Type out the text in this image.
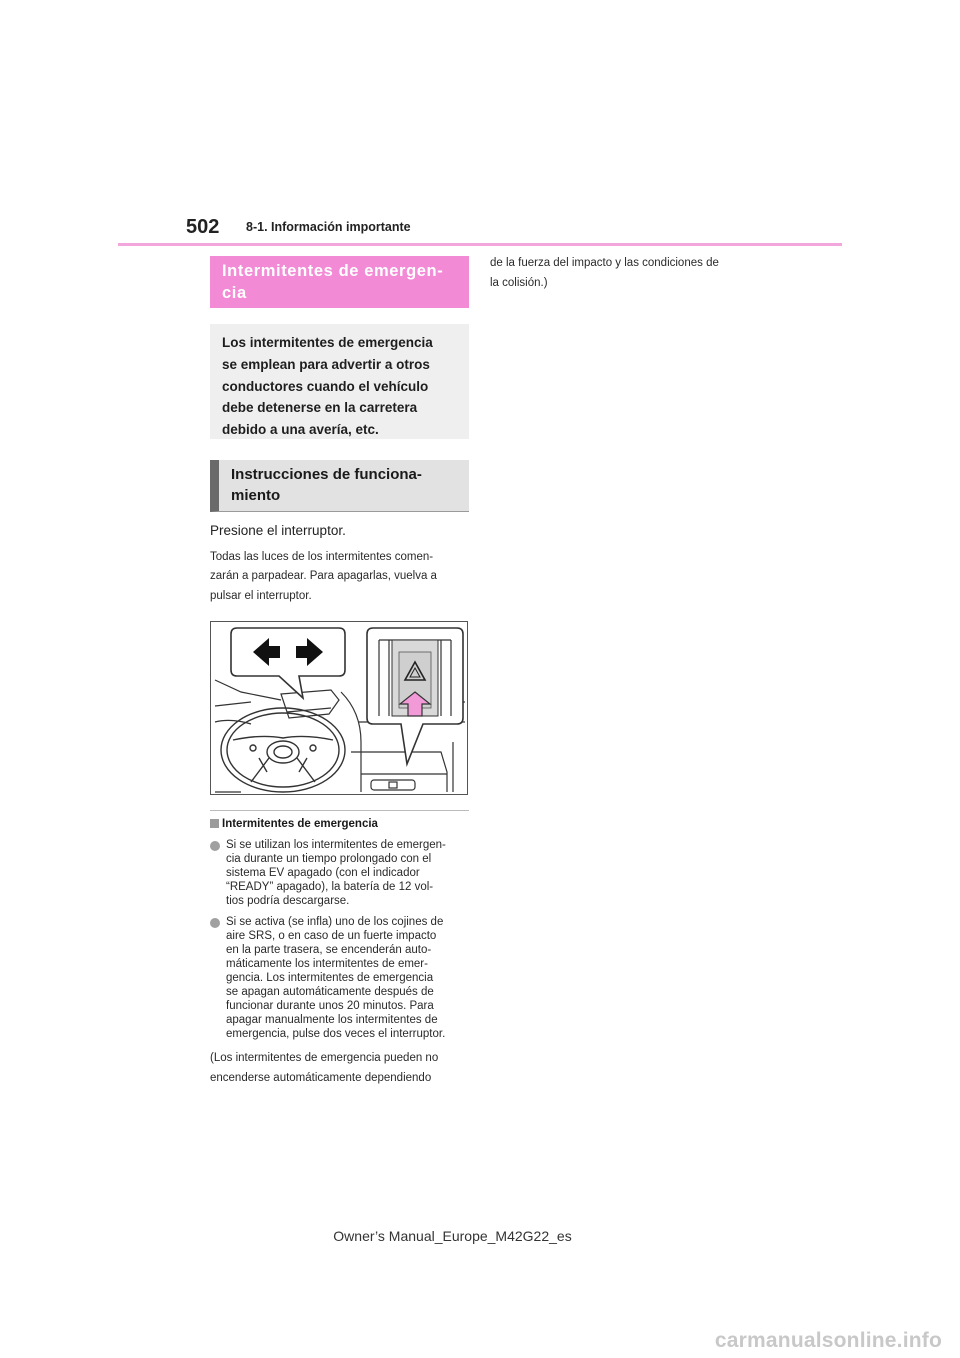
502 8-1. Información importante
Intermitentes de emergen-
cia

Los intermitentes de emergencia

se emplean para advertir a otros

conductores cuando el vehículo

debe detenerse en la carretera

debido a una avería, etc.

Instrucciones de funciona-
miento
Presione el interruptor.
Todas las luces de los intermitentes comen-
zarán a parpadear. Para apagarlas, vuelva a
pulsar el interruptor.
Intermitentes de emergencia
Si se utilizan los intermitentes de emergen-
cia durante un tiempo prolongado con el
sistema EV apagado (con el indicador
“READY” apagado), la batería de 12 vol-
tios podría descargarse.
Si se activa (se infla) uno de los cojines de
aire SRS, o en caso de un fuerte impacto
en la parte trasera, se encenderán auto-
máticamente los intermitentes de emer-
gencia. Los intermitentes de emergencia
se apagan automáticamente después de
funcionar durante unos 20 minutos. Para
apagar manualmente los intermitentes de
emergencia, pulse dos veces el interruptor.
(Los intermitentes de emergencia pueden no
encenderse automáticamente dependiendo

de la fuerza del impacto y las condiciones de
la colisión.)

Owner’s Manual_Europe_M42G22_es
carmanualsonline.info
